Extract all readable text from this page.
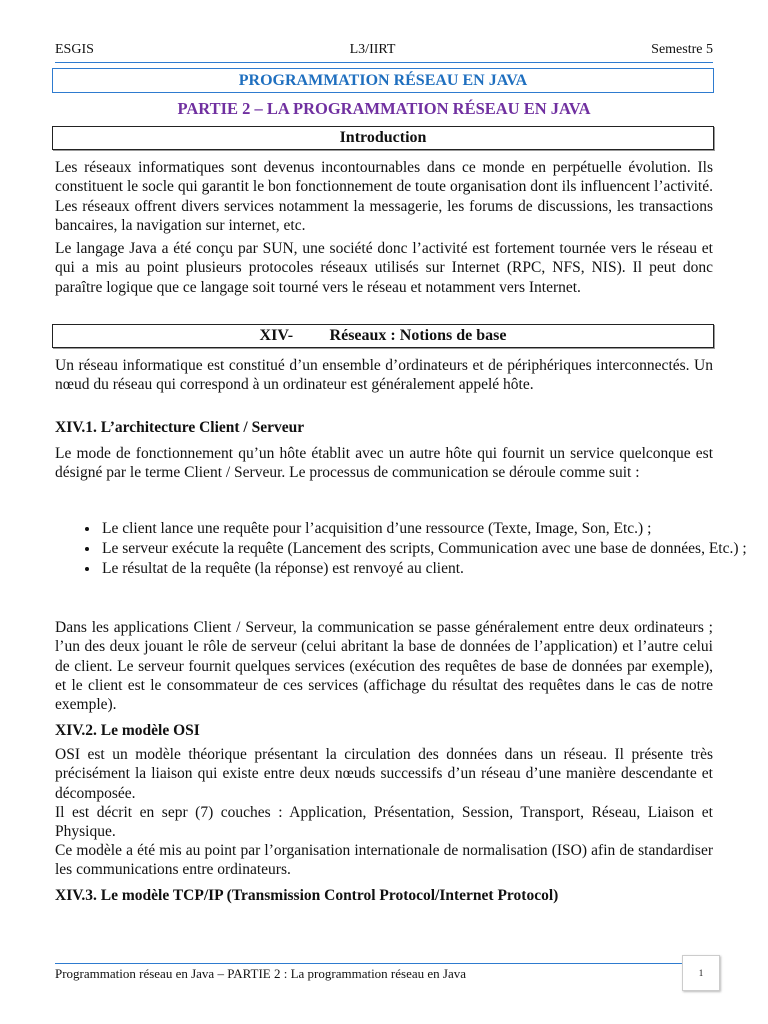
ESGIS	L3/IIRT	Semestre 5
PROGRAMMATION RÉSEAU EN JAVA
PARTIE 2 – LA PROGRAMMATION RÉSEAU EN JAVA
Introduction

Les réseaux informatiques sont devenus incontournables dans ce monde en perpétuelle évolution. Ils constituent le socle qui garantit le bon fonctionnement de toute organisation dont ils influencent l’activité. Les réseaux offrent divers services notamment la messagerie, les forums de discussions, les transactions bancaires, la navigation sur internet, etc.

Le langage Java a été conçu par SUN, une société donc l’activité est fortement tournée vers le réseau et qui a mis au point plusieurs protocoles réseaux utilisés sur Internet (RPC, NFS, NIS). Il peut donc paraître logique que ce langage soit tourné vers le réseau et notamment vers Internet.

XIV- Réseaux : Notions de base

Un réseau informatique est constitué d’un ensemble d’ordinateurs et de périphériques interconnectés. Un nœud du réseau qui correspond à un ordinateur est généralement appelé hôte.

XIV.1. L’architecture Client / Serveur

Le mode de fonctionnement qu’un hôte établit avec un autre hôte qui fournit un service quelconque est désigné par le terme Client / Serveur. Le processus de communication se déroule comme suit :

• Le client lance une requête pour l’acquisition d’une ressource (Texte, Image, Son, Etc.) ;
• Le serveur exécute la requête (Lancement des scripts, Communication avec une base de données, Etc.) ;
• Le résultat de la requête (la réponse) est renvoyé au client.

Dans les applications Client / Serveur, la communication se passe généralement entre deux ordinateurs ; l’un des deux jouant le rôle de serveur (celui abritant la base de données de l’application) et l’autre celui de client. Le serveur fournit quelques services (exécution des requêtes de base de données par exemple), et le client est le consommateur de ces services (affichage du résultat des requêtes dans le cas de notre exemple).

XIV.2. Le modèle OSI

OSI est un modèle théorique présentant la circulation des données dans un réseau. Il présente très précisément la liaison qui existe entre deux nœuds successifs d’un réseau d’une manière descendante et décomposée.

Il est décrit en sepr (7) couches : Application, Présentation, Session, Transport, Réseau, Liaison et Physique.

Ce modèle a été mis au point par l’organisation internationale de normalisation (ISO) afin de standardiser les communications entre ordinateurs.

XIV.3. Le modèle TCP/IP (Transmission Control Protocol/Internet Protocol)
Programmation réseau en Java – PARTIE 2 : La programmation réseau en Java	1
